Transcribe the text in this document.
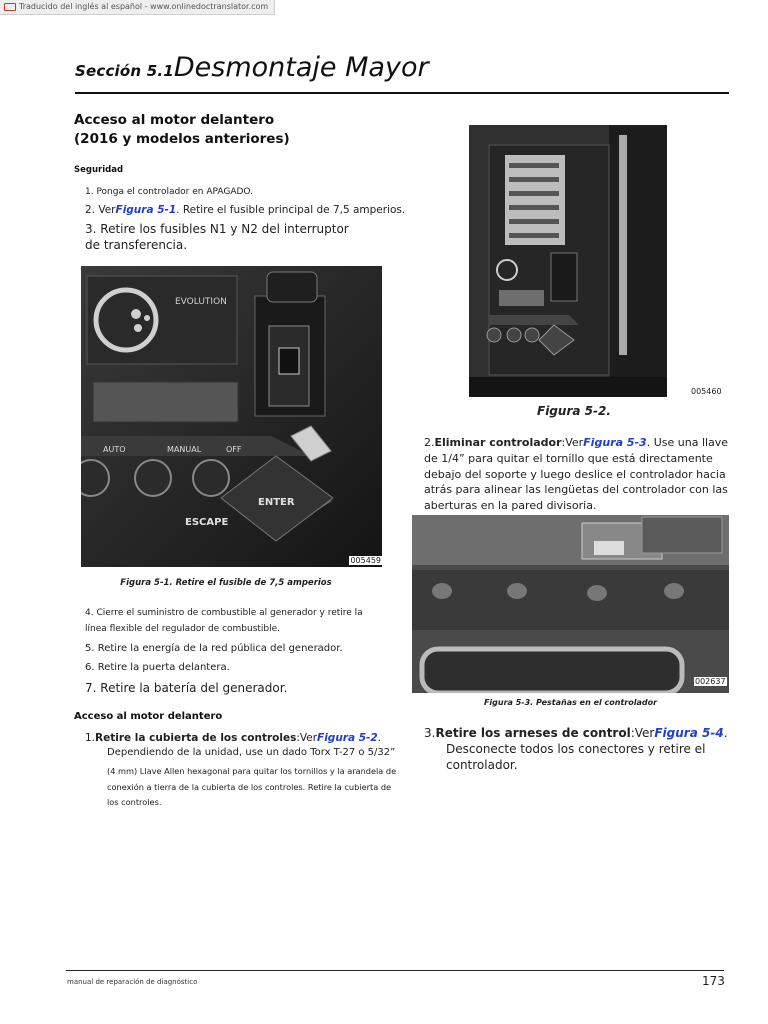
Traducido del inglés al español - www.onlinedoctranslator.com
Sección 5.1Desmontaje Mayor
Acceso al motor delantero
(2016 y modelos anteriores)
Seguridad
1. Ponga el controlador en APAGADO.
2. VerFigura 5-1. Retire el fusible principal de 7,5 amperios.
3. Retire los fusibles N1 y N2 del interruptor de transferencia.
EVOLUTION
AUTO	MANUAL	OFF
ENTER
ESCAPE
005459
Figura 5-1. Retire el fusible de 7,5 amperios
4. Cierre el suministro de combustible al generador y retire la línea flexible del regulador de combustible.
5. Retire la energía de la red pública del generador.
6. Retire la puerta delantera.
7. Retire la batería del generador.
Acceso al motor delantero
1.Retire la cubierta de los controles:VerFigura 5-2.
Dependiendo de la unidad, use un dado Torx T-27 o 5/32”
(4 mm) Llave Allen hexagonal para quitar los tornillos y la arandela de conexión a tierra de la cubierta de los controles. Retire la cubierta de los controles.
005460
Figura 5-2.
2.Eliminar controlador:VerFigura 5-3. Use una llave de 1/4” para quitar el tornillo que está directamente debajo del soporte y luego deslice el controlador hacia atrás para alinear las lengüetas del controlador con las aberturas en la pared divisoria.
002637
Figura 5-3. Pestañas en el controlador
3.Retire los arneses de control:VerFigura 5-4.
Desconecte todos los conectores y retire el controlador.
manual de reparación de diagnóstico	173
